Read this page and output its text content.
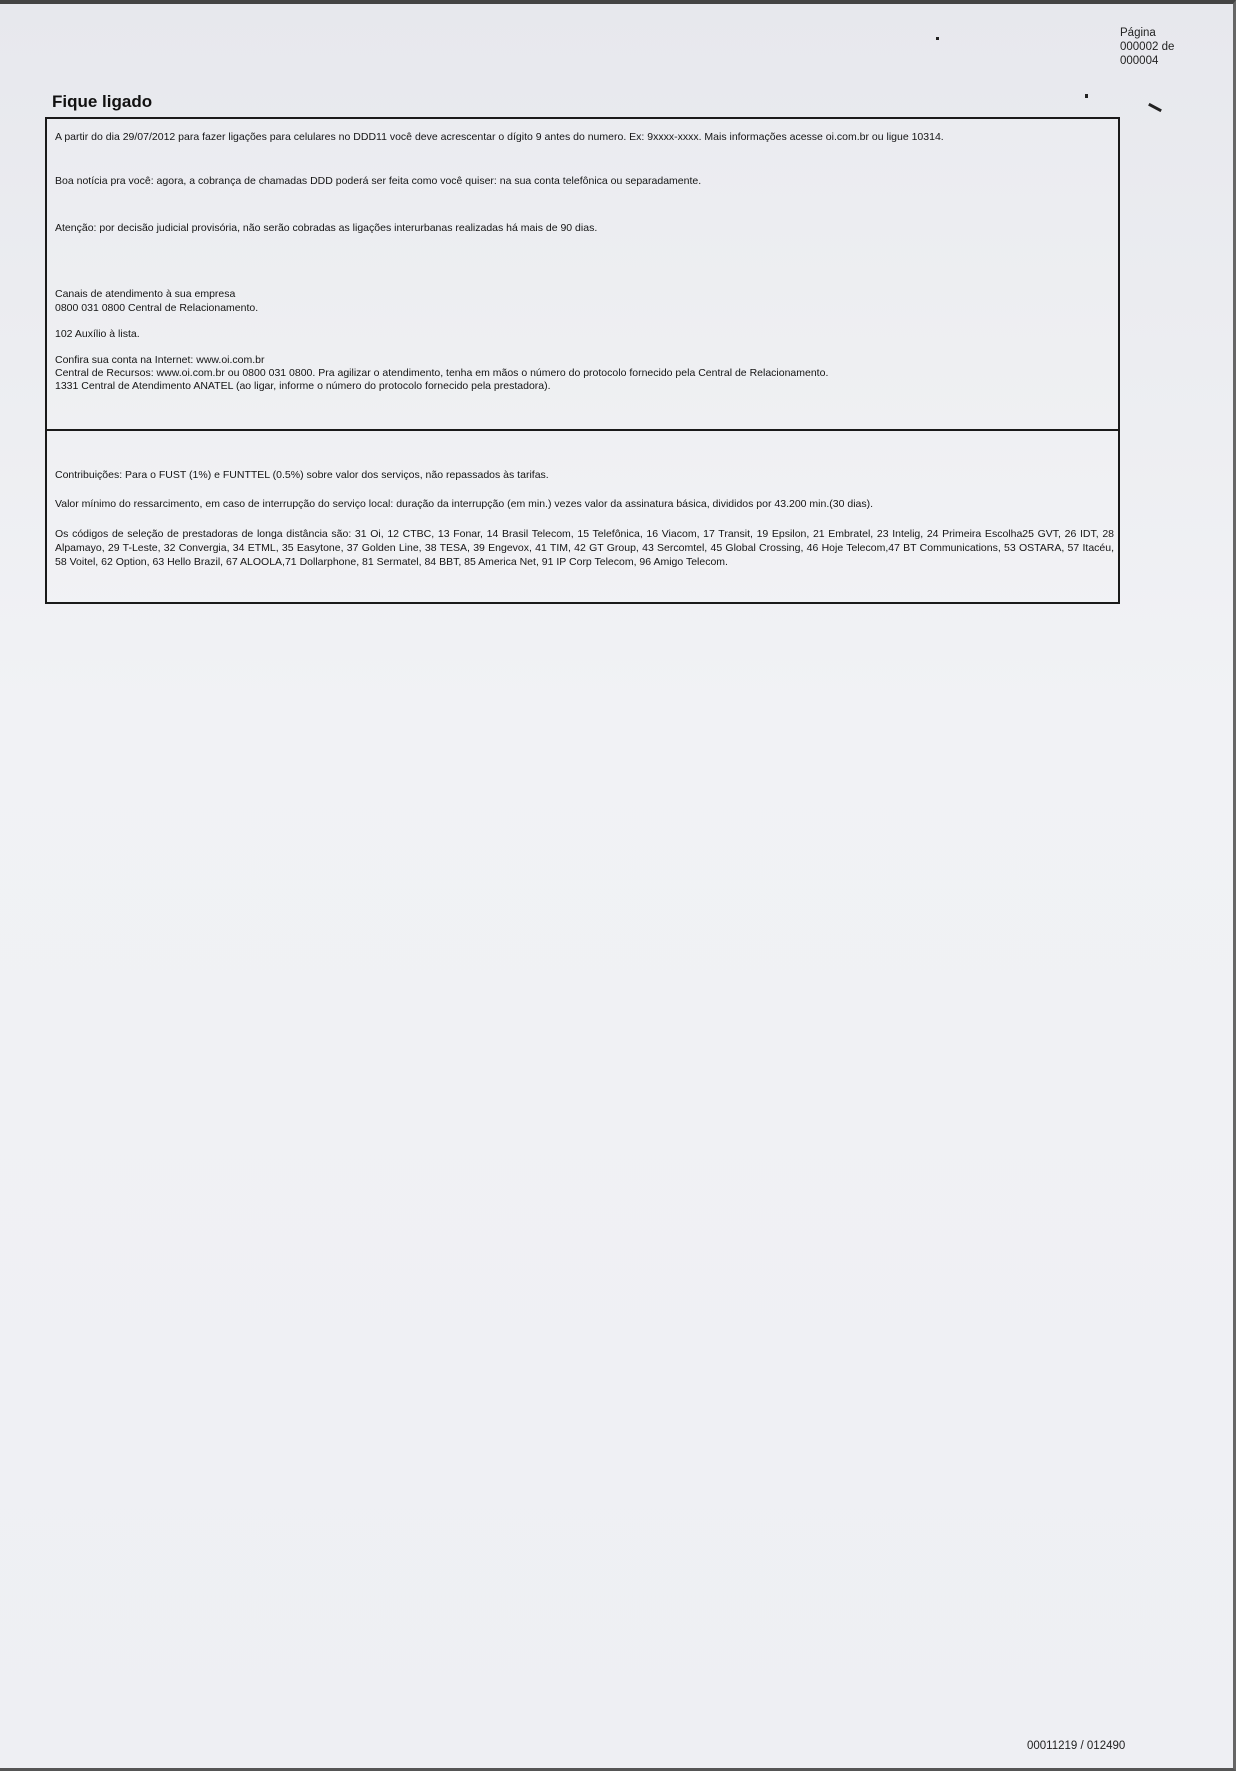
Página
000002 de
000004
Fique ligado
A partir do dia 29/07/2012 para fazer ligações para celulares no DDD11 você deve acrescentar o dígito 9 antes do numero. Ex: 9xxxx-xxxx. Mais informações acesse oi.com.br ou ligue 10314.
Boa notícia pra você: agora, a cobrança de chamadas DDD poderá ser feita como você quiser: na sua conta telefônica ou separadamente.
Atenção: por decisão judicial provisória, não serão cobradas as ligações interurbanas realizadas há mais de 90 dias.
Canais de atendimento à sua empresa
0800 031 0800 Central de Relacionamento.
102 Auxílio à lista.
Confira sua conta na Internet: www.oi.com.br
Central de Recursos: www.oi.com.br ou 0800 031 0800. Pra agilizar o atendimento, tenha em mãos o número do protocolo fornecido pela Central de Relacionamento.
1331 Central de Atendimento ANATEL (ao ligar, informe o número do protocolo fornecido pela prestadora).
Contribuições: Para o FUST (1%) e FUNTTEL (0.5%) sobre valor dos serviços, não repassados às tarifas.
Valor mínimo do ressarcimento, em caso de interrupção do serviço local: duração da interrupção (em min.) vezes valor da assinatura básica, divididos por 43.200 min.(30 dias).
Os códigos de seleção de prestadoras de longa distância são: 31 Oi, 12 CTBC, 13 Fonar, 14 Brasil Telecom, 15 Telefônica, 16 Viacom, 17 Transit, 19 Epsilon, 21 Embratel, 23 Intelig, 24 Primeira Escolha25 GVT, 26 IDT, 28 Alpamayo, 29 T-Leste, 32 Convergia, 34 ETML, 35 Easytone, 37 Golden Line, 38 TESA, 39 Engevox, 41 TIM, 42 GT Group, 43 Sercomtel, 45 Global Crossing, 46 Hoje Telecom,47 BT Communications, 53 OSTARA, 57 Itacéu, 58 Voitel, 62 Option, 63 Hello Brazil, 67 ALOOLA,71 Dollarphone, 81 Sermatel, 84 BBT, 85 America Net, 91 IP Corp Telecom, 96 Amigo Telecom.
00011219 / 012490
